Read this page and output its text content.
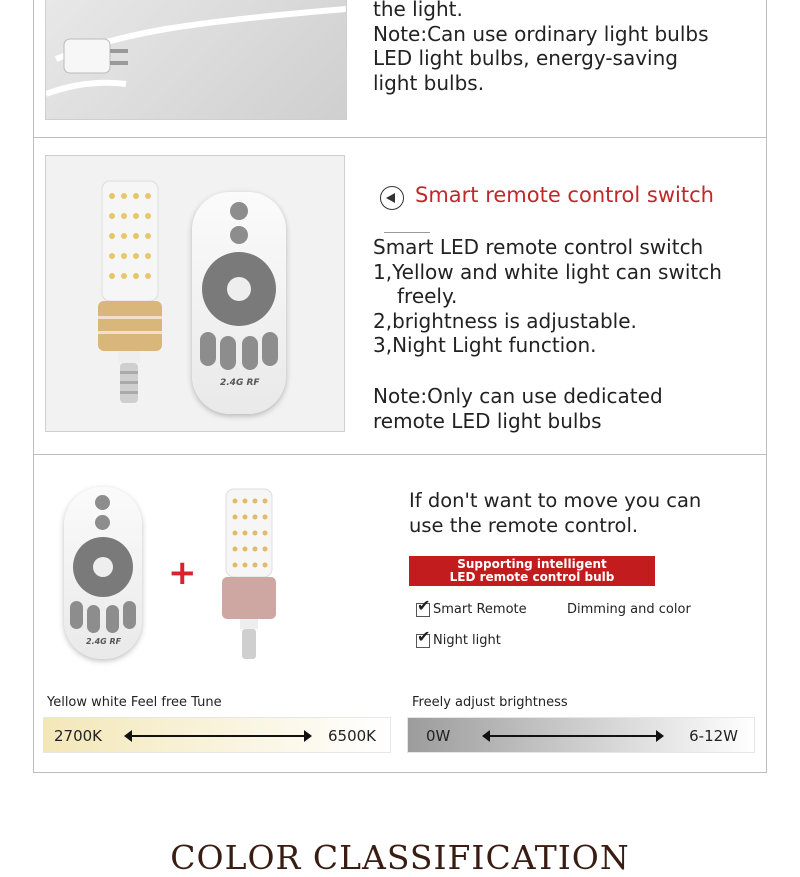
the light.
Note:Can use ordinary light bulbs
LED light bulbs, energy-saving
light bulbs.
2.4G RF
Smart remote control switch
Smart LED remote control switch
1,Yellow and white light can switch
freely.
2,brightness is adjustable.
3,Night Light function.
Note:Only can use dedicated
remote LED light bulbs
2.4G RF
+
If don't want to move you can
use the remote control.
Supporting intelligent
LED remote control bulb
✔Smart Remote	Dimming and color
✔Night light
Yellow white Feel free Tune
2700K	6500K
Freely adjust brightness
0W	6-12W
COLOR CLASSIFICATION
